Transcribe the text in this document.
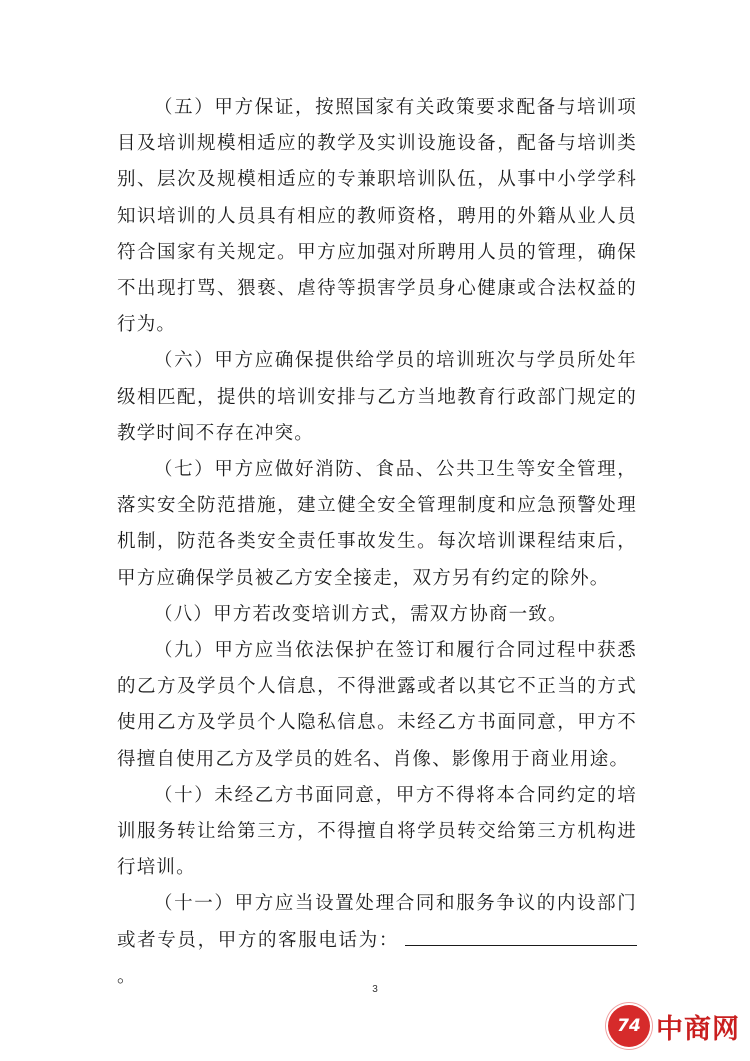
（五）甲方保证，按照国家有关政策要求配备与培训项目及培训规模相适应的教学及实训设施设备，配备与培训类别、层次及规模相适应的专兼职培训队伍，从事中小学学科知识培训的人员具有相应的教师资格，聘用的外籍从业人员符合国家有关规定。甲方应加强对所聘用人员的管理，确保不出现打骂、猥亵、虐待等损害学员身心健康或合法权益的行为。

（六）甲方应确保提供给学员的培训班次与学员所处年级相匹配，提供的培训安排与乙方当地教育行政部门规定的教学时间不存在冲突。

（七）甲方应做好消防、食品、公共卫生等安全管理，落实安全防范措施，建立健全安全管理制度和应急预警处理机制，防范各类安全责任事故发生。每次培训课程结束后，甲方应确保学员被乙方安全接走，双方另有约定的除外。

（八）甲方若改变培训方式，需双方协商一致。

（九）甲方应当依法保护在签订和履行合同过程中获悉的乙方及学员个人信息，不得泄露或者以其它不正当的方式使用乙方及学员个人隐私信息。未经乙方书面同意，甲方不得擅自使用乙方及学员的姓名、肖像、影像用于商业用途。

（十）未经乙方书面同意，甲方不得将本合同约定的培训服务转让给第三方，不得擅自将学员转交给第三方机构进行培训。

（十一）甲方应当设置处理合同和服务争议的内设部门或者专员，甲方的客服电话为：。

3
74 中商网
